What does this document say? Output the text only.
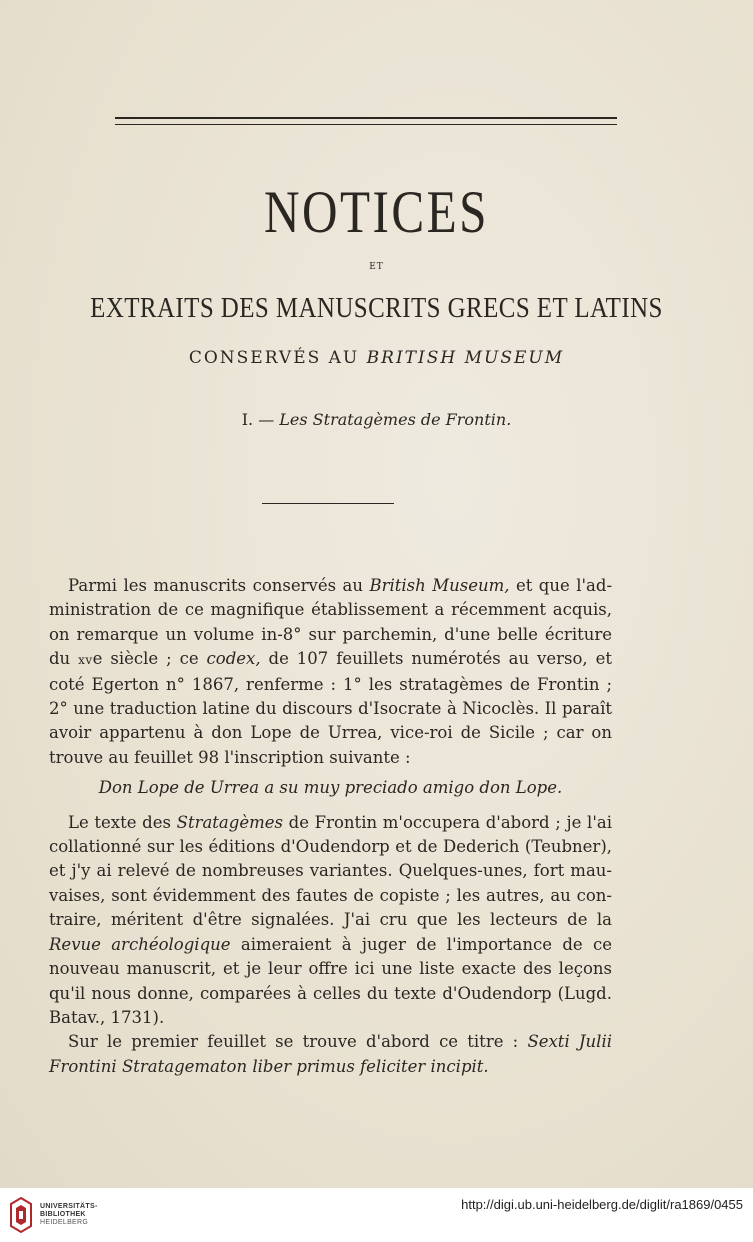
NOTICES
ET
EXTRAITS DES MANUSCRITS GRECS ET LATINS
CONSERVÉS AU BRITISH MUSEUM
I. — Les Stratagèmes de Frontin.

Parmi les manuscrits conservés au British Museum, et que l'administration de ce magnifique établissement a récemment acquis, on remarque un volume in-8° sur parchemin, d'une belle écriture du xve siècle ; ce codex, de 107 feuillets numérotés au verso, et coté Egerton n° 1867, renferme : 1° les stratagèmes de Frontin ; 2° une traduction latine du discours d'Isocrate à Nicoclès. Il paraît avoir appartenu à don Lope de Urrea, vice-roi de Sicile ; car on trouve au feuillet 98 l'inscription suivante :

Don Lope de Urrea a su muy preciado amigo don Lope.

Le texte des Stratagèmes de Frontin m'occupera d'abord ; je l'ai collationné sur les éditions d'Oudendorp et de Dederich (Teubner), et j'y ai relevé de nombreuses variantes. Quelques-unes, fort mauvaises, sont évidemment des fautes de copiste ; les autres, au contraire, méritent d'être signalées. J'ai cru que les lecteurs de la Revue archéologique aimeraient à juger de l'importance de ce nouveau manuscrit, et je leur offre ici une liste exacte des leçons qu'il nous donne, comparées à celles du texte d'Oudendorp (Lugd. Batav., 1731).

Sur le premier feuillet se trouve d'abord ce titre : Sexti Julii Frontini Stratagematon liber primus feliciter incipit.

UNIVERSITÄTS-
BIBLIOTHEK
HEIDELBERG
http://digi.ub.uni-heidelberg.de/diglit/ra1869/0455
